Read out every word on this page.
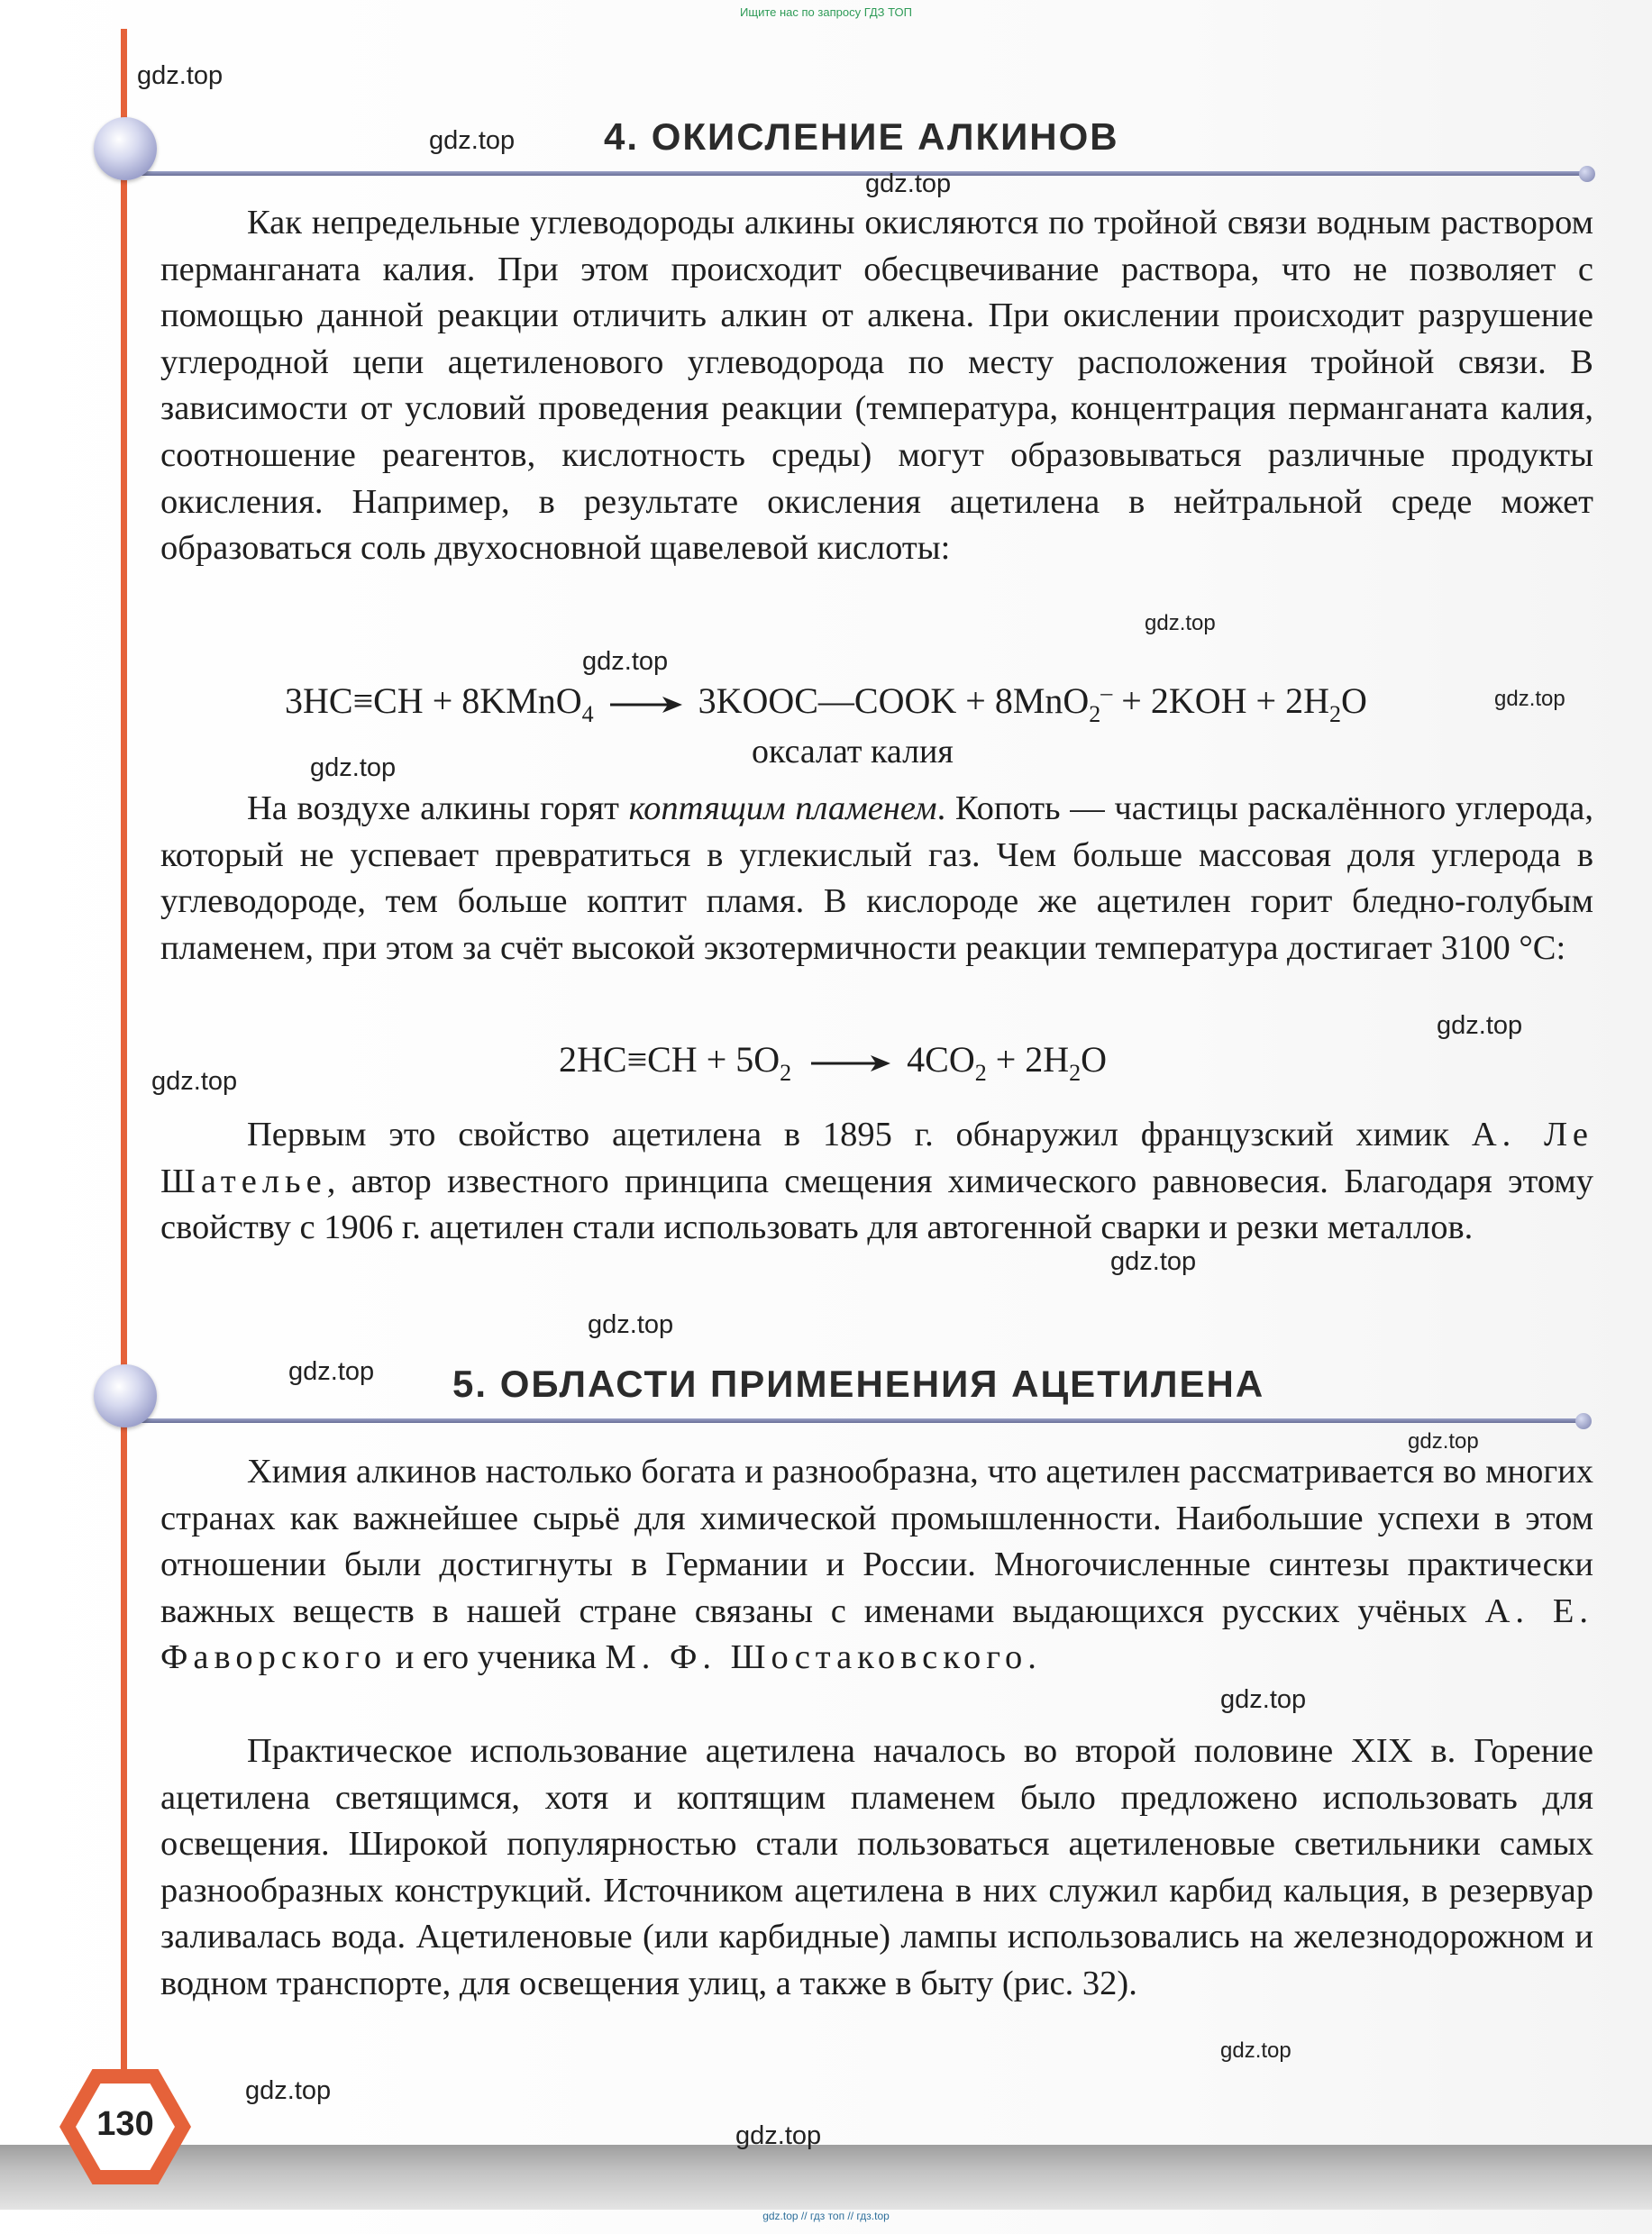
Ищите нас по запросу ГДЗ ТОП
4. ОКИСЛЕНИЕ АЛКИНОВ

Как непредельные углеводороды алкины окисляются по тройной связи водным раствором перманганата калия. При этом происходит обесцвечивание раствора, что не позволяет с помощью данной реакции отличить алкин от алкена. При окислении происходит разрушение углеродной цепи ацетиленового углеводорода по месту расположения тройной связи. В зависимости от условий проведения реакции (температура, концентрация перманганата калия, соотношение реагентов, кислотность среды) могут образовываться различные продукты окисления. Например, в результате окисления ацетилена в нейтральной среде может образоваться соль двухосновной щавелевой кислоты:

3HC≡CH + 8KMnO$_4$ → 3KOOC—COOK + $8MnO_2^- + 2KOH + 2H_2O$
оксалат калия

На воздухе алкины горят коптящим пламенем. Копоть — частицы раскалённого углерода, который не успевает превратиться в углекислый газ. Чем больше массовая доля углерода в углеводороде, тем больше коптит пламя. В кислороде же ацетилен горит бледно-голубым пламенем, при этом за счёт высокой экзотермичности реакции температура достигает 3100 °С:

$2HC\equiv CH + 5O_2 \to 4CO_2 + 2H_2O$

Первым это свойство ацетилена в 1895 г. обнаружил французский химик А. Ле Шателье, автор известного принципа смещения химического равновесия. Благодаря этому свойству с 1906 г. ацетилен стали использовать для автогенной сварки и резки металлов.

5. ОБЛАСТИ ПРИМЕНЕНИЯ АЦЕТИЛЕНА

Химия алкинов настолько богата и разнообразна, что ацетилен рассматривается во многих странах как важнейшее сырьё для химической промышленности. Наибольшие успехи в этом отношении были достигнуты в Германии и России. Многочисленные синтезы практически важных веществ в нашей стране связаны с именами выдающихся русских учёных А. Е. Фаворского и его ученика М. Ф. Шостаковского.

Практическое использование ацетилена началось во второй половине XIX в. Горение ацетилена светящимся, хотя и коптящим пламенем было предложено использовать для освещения. Широкой популярностью стали пользоваться ацетиленовые светильники самых разнообразных конструкций. Источником ацетилена в них служил карбид кальция, в резервуар заливалась вода. Ацетиленовые (или карбидные) лампы использовались на железнодорожном и водном транспорте, для освещения улиц, а также в быту (рис. 32).

130
gdz.top // гдз топ // гдз.top
gdz.top
gdz.top
gdz.top
gdz.top
gdz.top
gdz.top
gdz.top
gdz.top
gdz.top
gdz.top
gdz.top
gdz.top
gdz.top
gdz.top
gdz.top
gdz.top
gdz.top
